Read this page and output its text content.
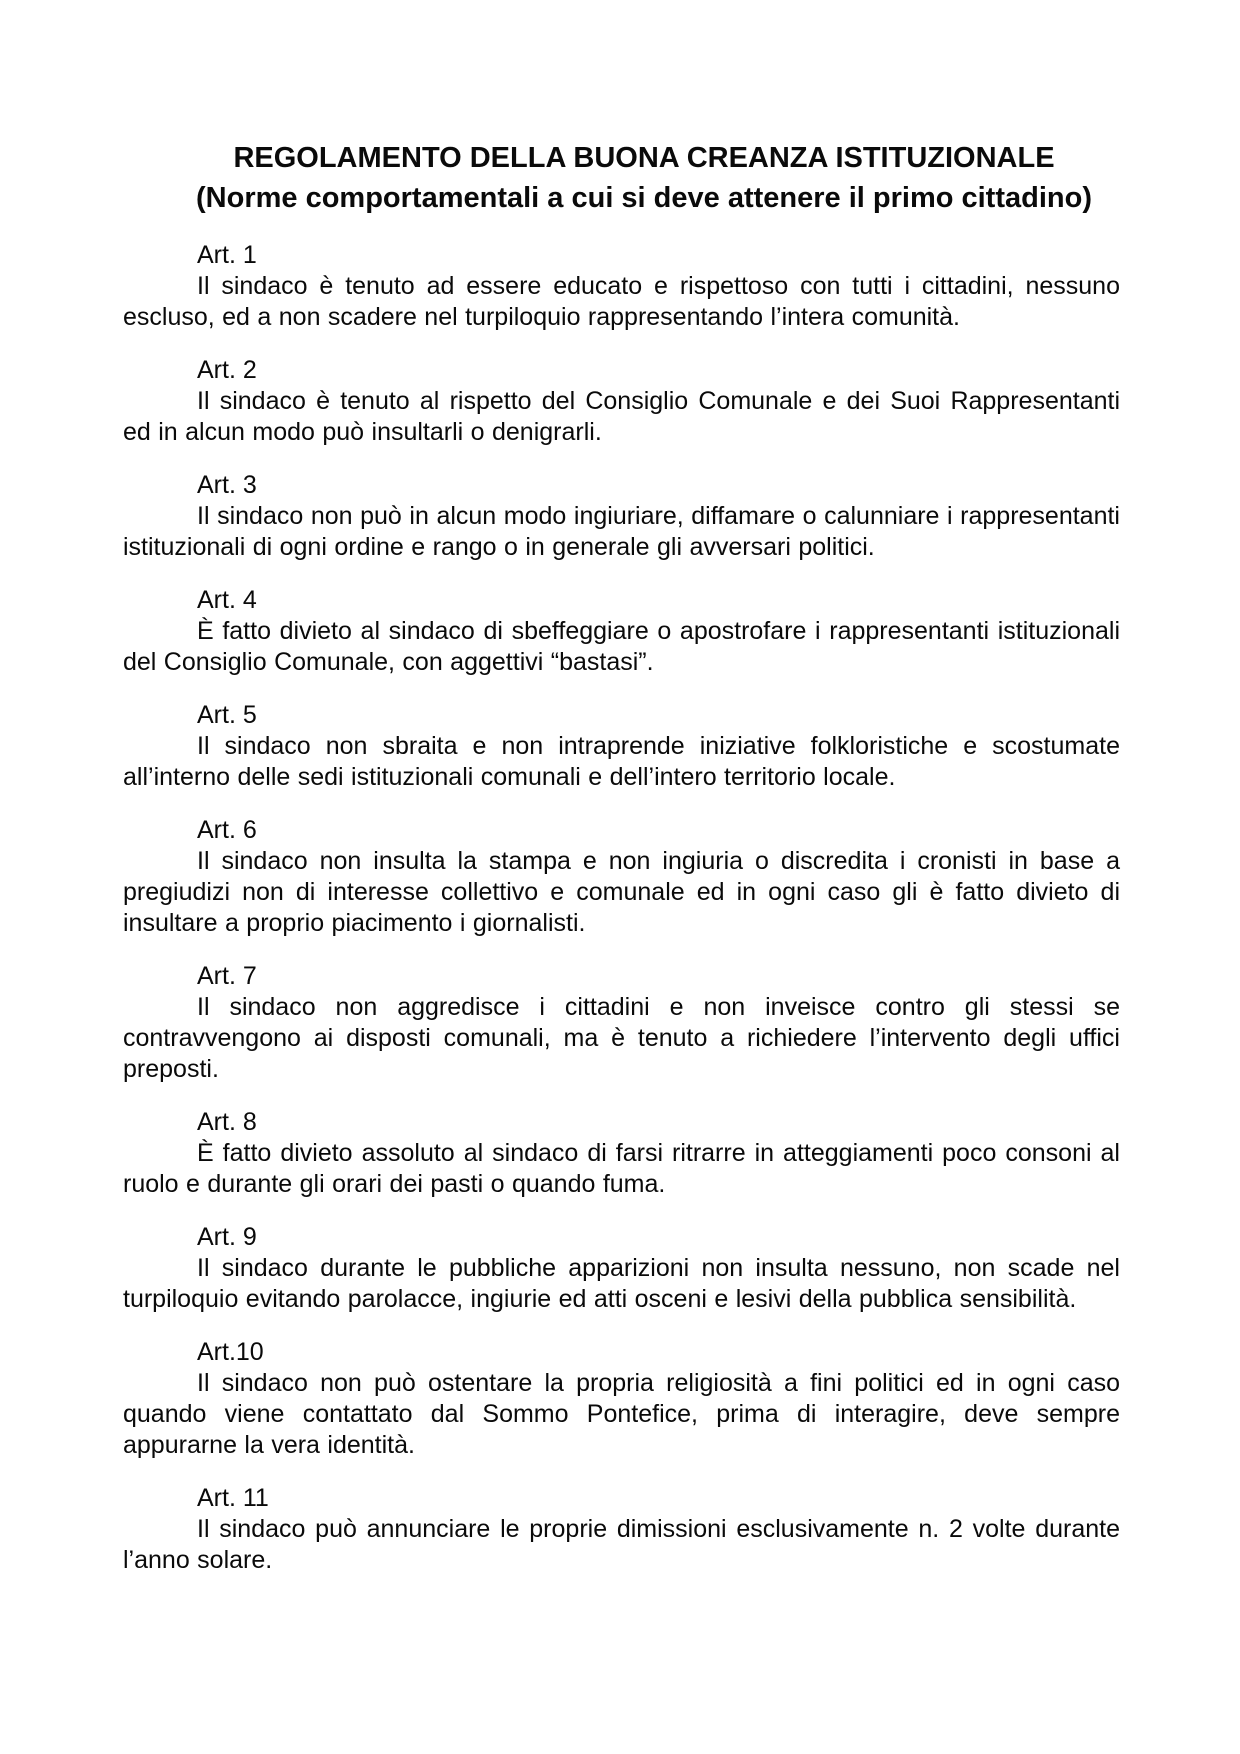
REGOLAMENTO DELLA BUONA CREANZA ISTITUZIONALE
(Norme comportamentali a cui si deve attenere il primo cittadino)
Art. 1

Il sindaco è tenuto ad essere educato e rispettoso con tutti i cittadini, nessuno escluso, ed a non scadere nel turpiloquio rappresentando l’intera comunità.

Art. 2

Il sindaco è tenuto al rispetto del Consiglio Comunale e dei Suoi Rappresentanti ed in alcun modo può insultarli o denigrarli.

Art. 3

Il sindaco non può in alcun modo ingiuriare, diffamare o calunniare i rappresentanti istituzionali di ogni ordine e rango o in generale gli avversari politici.

Art. 4

È fatto divieto al sindaco di sbeffeggiare o apostrofare i rappresentanti istituzionali del Consiglio Comunale, con aggettivi “bastasi”.

Art. 5

Il sindaco non sbraita e non intraprende iniziative folkloristiche e scostumate all’interno delle sedi istituzionali comunali e dell’intero territorio locale.

Art. 6

Il sindaco non insulta la stampa e non ingiuria o discredita i cronisti in base a pregiudizi non di interesse collettivo e comunale ed in ogni caso gli è fatto divieto di insultare a proprio piacimento i giornalisti.

Art. 7

Il sindaco non aggredisce i cittadini e non inveisce contro gli stessi se contravvengono ai disposti comunali, ma è tenuto a richiedere l’intervento degli uffici preposti.

Art. 8

È fatto divieto assoluto al sindaco di farsi ritrarre in atteggiamenti poco consoni al ruolo e durante gli orari dei pasti o quando fuma.

Art. 9

Il sindaco durante le pubbliche apparizioni non insulta nessuno, non scade nel turpiloquio evitando parolacce, ingiurie ed atti osceni e lesivi della pubblica sensibilità.

Art.10

Il sindaco non può ostentare la propria religiosità a fini politici ed in ogni caso quando viene contattato dal Sommo Pontefice, prima di interagire, deve sempre appurarne la vera identità.

Art. 11

Il sindaco può annunciare le proprie dimissioni esclusivamente n. 2 volte durante l’anno solare.
